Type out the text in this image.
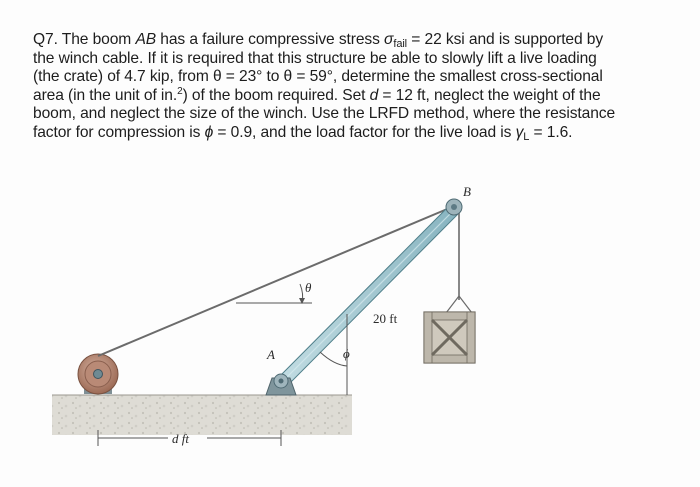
Q7. The boom AB has a failure compressive stress $\sigma_{fail} = 22$ ksi and is supported by
the winch cable. If it is required that this structure be able to slowly lift a live loading
(the crate) of 4.7 kip, from θ = 23° to θ = 59°, determine the smallest cross-sectional
area (in the unit of in.$^2$) of the boom required. Set d = 12 ft, neglect the weight of the
boom, and neglect the size of the winch. Use the LRFD method, where the resistance
factor for compression is ϕ = 0.9, and the load factor for the live load is $\gamma_L = 1.6$.
θ
B
A	ϕ
20 ft
d ft
